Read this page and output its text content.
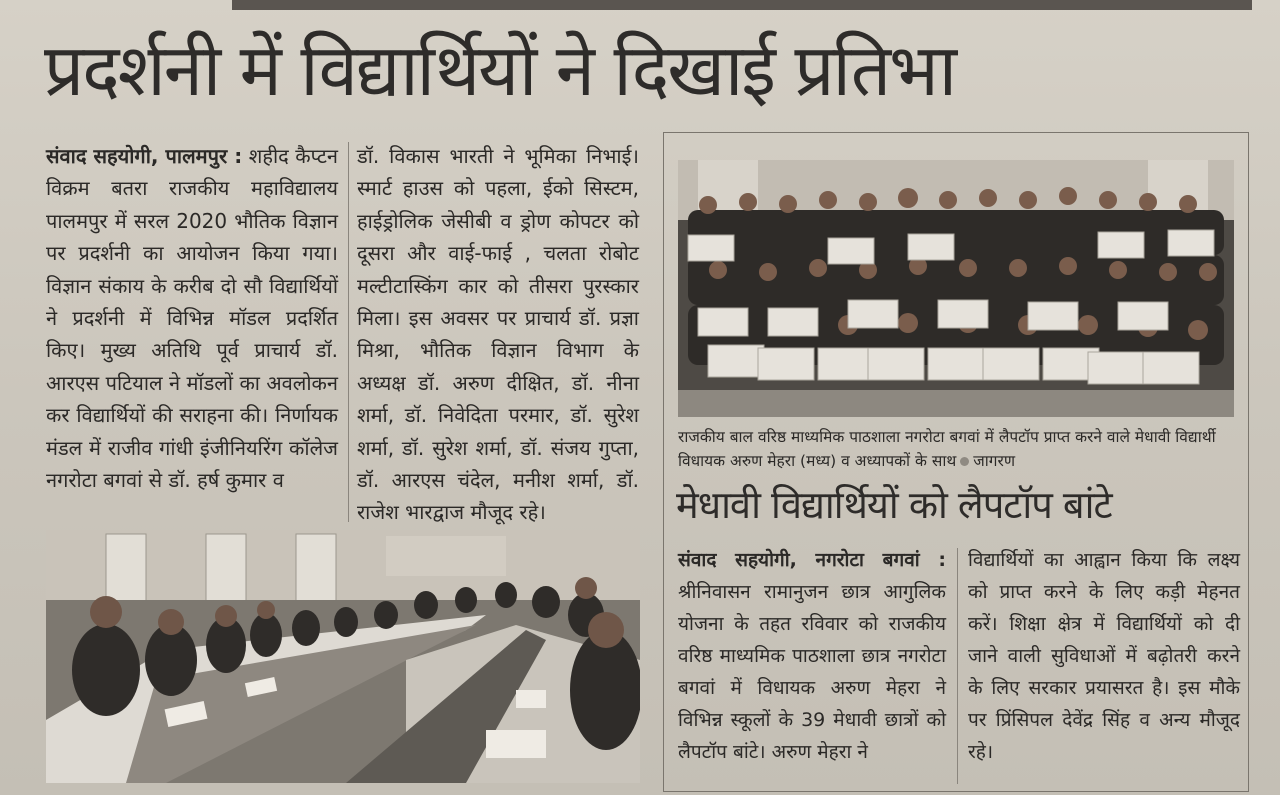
प्रदर्शनी में विद्यार्थियों ने दिखाई प्रतिभा
संवाद सहयोगी, पालमपुर : शहीद कैप्टन विक्रम बतरा राजकीय महाविद्यालय पालमपुर में सरल 2020 भौतिक विज्ञान पर प्रदर्शनी का आयोजन किया गया। विज्ञान संकाय के करीब दो सौ विद्यार्थियों ने प्रदर्शनी में विभिन्न मॉडल प्रदर्शित किए। मुख्य अतिथि पूर्व प्राचार्य डॉ. आरएस पटियाल ने मॉडलों का अवलोकन कर विद्यार्थियों की सराहना की। निर्णायक मंडल में राजीव गांधी इंजीनियरिंग कॉलेज नगरोटा बगवां से डॉ. हर्ष कुमार व
डॉ. विकास भारती ने भूमिका निभाई। स्मार्ट हाउस को पहला, ईको सिस्टम, हाईड्रोलिक जेसीबी व ड्रोण कोपटर को दूसरा और वाई-फाई , चलता रोबोट मल्टीटास्किंग कार को तीसरा पुरस्कार मिला। इस अवसर पर प्राचार्य डॉ. प्रज्ञा मिश्रा, भौतिक विज्ञान विभाग के अध्यक्ष डॉ. अरुण दीक्षित, डॉ. नीना शर्मा, डॉ. निवेदिता परमार, डॉ. सुरेश शर्मा, डॉ. सुरेश शर्मा, डॉ. संजय गुप्ता, डॉ. आरएस चंदेल, मनीश शर्मा, डॉ. राजेश भारद्वाज मौजूद रहे।
राजकीय बाल वरिष्ठ माध्यमिक पाठशाला नगरोटा बगवां में लैपटॉप प्राप्त करने वाले मेधावी विद्यार्थी विधायक अरुण मेहरा (मध्य) व अध्यापकों के साथ जागरण
मेधावी विद्यार्थियों को लैपटॉप बांटे
संवाद सहयोगी, नगरोटा बगवां : श्रीनिवासन रामानुजन छात्र आगुलिक योजना के तहत रविवार को राजकीय वरिष्ठ माध्यमिक पाठशाला छात्र नगरोटा बगवां में विधायक अरुण मेहरा ने विभिन्न स्कूलों के 39 मेधावी छात्रों को लैपटॉप बांटे। अरुण मेहरा ने
विद्यार्थियों का आह्वान किया कि लक्ष्य को प्राप्त करने के लिए कड़ी मेहनत करें। शिक्षा क्षेत्र में विद्यार्थियों को दी जाने वाली सुविधाओं में बढ़ोतरी करने के लिए सरकार प्रयासरत है। इस मौके पर प्रिंसिपल देवेंद्र सिंह व अन्य मौजूद रहे।
